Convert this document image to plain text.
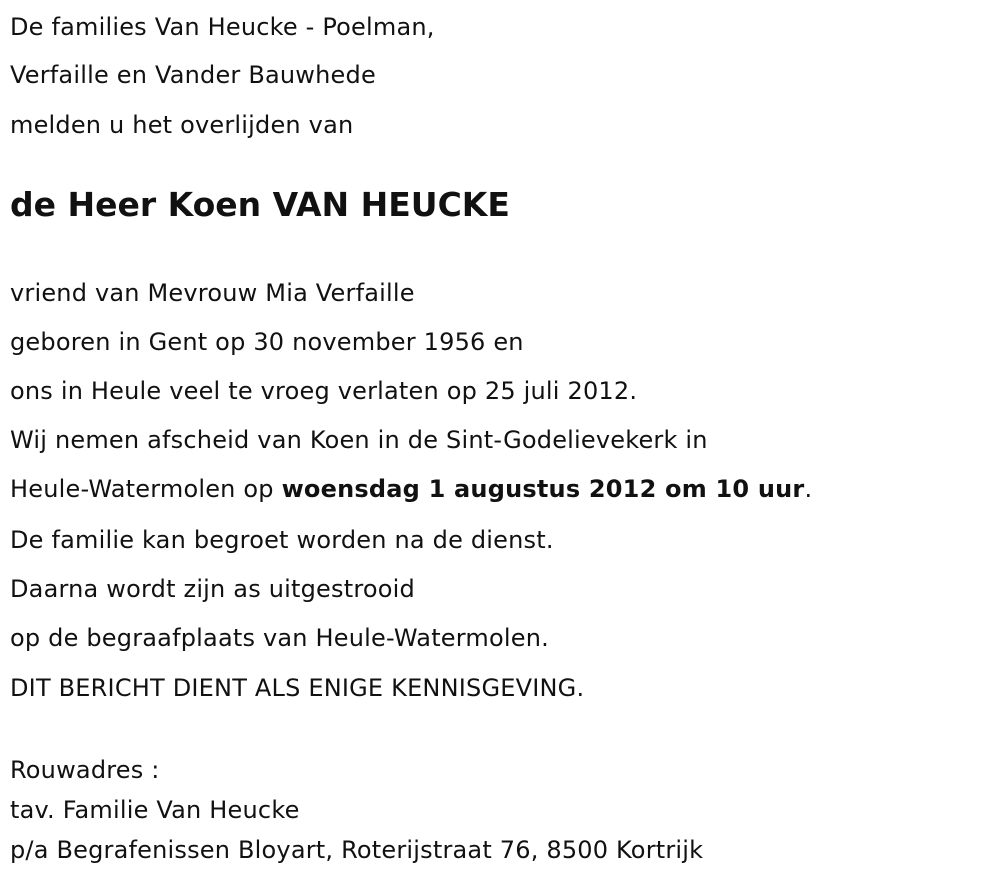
De families Van Heucke - Poelman,
Verfaille en Vander Bauwhede
melden u het overlijden van
de Heer Koen VAN HEUCKE
vriend van Mevrouw Mia Verfaille
geboren in Gent op 30 november 1956 en
ons in Heule veel te vroeg verlaten op 25 juli 2012.
Wij nemen afscheid van Koen in de Sint-Godelievekerk in
Heule-Watermolen op woensdag 1 augustus 2012 om 10 uur.
De familie kan begroet worden na de dienst.
Daarna wordt zijn as uitgestrooid
op de begraafplaats van Heule-Watermolen.
DIT BERICHT DIENT ALS ENIGE KENNISGEVING.
Rouwadres :
tav. Familie Van Heucke
p/a Begrafenissen Bloyart, Roterijstraat 76, 8500 Kortrijk
